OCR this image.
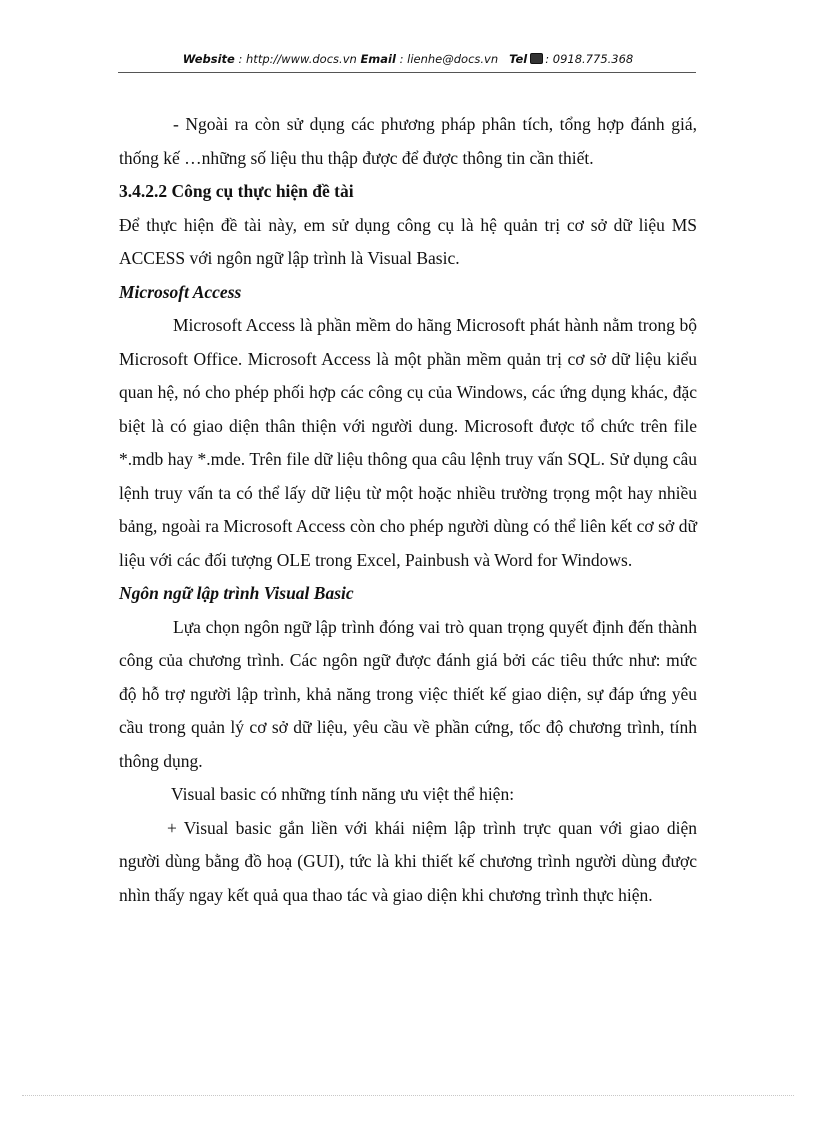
Website : http://www.docs.vn Email : lienhe@docs.vn Tel : 0918.775.368

- Ngoài ra còn sử dụng các phương pháp phân tích, tổng hợp đánh giá, thống kế …những số liệu thu thập được để được thông tin cần thiết.

3.4.2.2 Công cụ thực hiện đề tài

Để thực hiện đề tài này, em sử dụng công cụ là hệ quản trị cơ sở dữ liệu MS ACCESS với ngôn ngữ lập trình là Visual Basic.

Microsoft Access

Microsoft Access là phần mềm do hãng Microsoft phát hành nằm trong bộ Microsoft Office. Microsoft Access là một phần mềm quản trị cơ sở dữ liệu kiểu quan hệ, nó cho phép phối hợp các công cụ của Windows, các ứng dụng khác, đặc biệt là có giao diện thân thiện với người dung. Microsoft được tổ chức trên file *.mdb hay *.mde. Trên file dữ liệu thông qua câu lệnh truy vấn SQL. Sử dụng câu lệnh truy vấn ta có thể lấy dữ liệu từ một hoặc nhiều trường trọng một hay nhiều bảng, ngoài ra Microsoft Access còn cho phép người dùng có thể liên kết cơ sở dữ liệu với các đối tượng OLE trong Excel, Painbush và Word for Windows.

Ngôn ngữ lập trình Visual Basic

Lựa chọn ngôn ngữ lập trình đóng vai trò quan trọng quyết định đến thành công của chương trình. Các ngôn ngữ được đánh giá bởi các tiêu thức như: mức độ hỗ trợ người lập trình, khả năng trong việc thiết kế giao diện, sự đáp ứng yêu cầu trong quản lý cơ sở dữ liệu, yêu cầu về phần cứng, tốc độ chương trình, tính thông dụng.

Visual basic có những tính năng ưu việt thể hiện:

+ Visual basic gắn liền với khái niệm lập trình trực quan với giao diện người dùng bằng đồ hoạ (GUI), tức là khi thiết kế chương trình người dùng được nhìn thấy ngay kết quả qua thao tác và giao diện khi chương trình thực hiện.
